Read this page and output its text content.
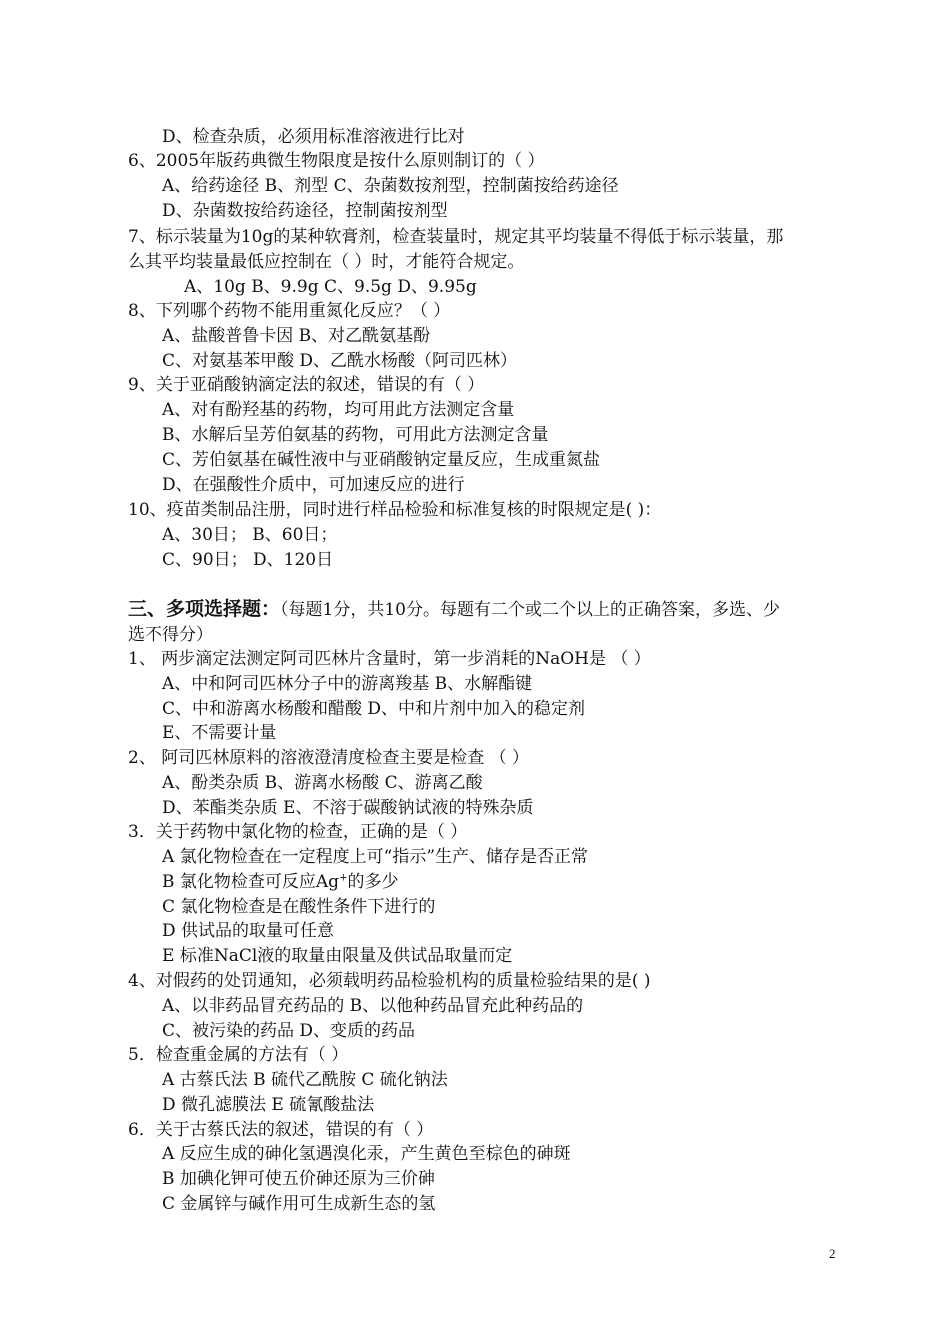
D、检查杂质，必须用标准溶液进行比对
6、2005年版药典微生物限度是按什么原则制订的（ ）
A、给药途径 B、剂型 C、杂菌数按剂型，控制菌按给药途径
D、杂菌数按给药途径，控制菌按剂型
7、标示装量为10g的某种软膏剂，检查装量时，规定其平均装量不得低于标示装量，那
么其平均装量最低应控制在（ ）时，才能符合规定。
A、10g B、9.9g C、9.5g D、9.95g
8、下列哪个药物不能用重氮化反应？（ ）
A、盐酸普鲁卡因 B、对乙酰氨基酚
C、对氨基苯甲酸 D、乙酰水杨酸（阿司匹林）
9、关于亚硝酸钠滴定法的叙述，错误的有（ ）
A、对有酚羟基的药物，均可用此方法测定含量
B、水解后呈芳伯氨基的药物，可用此方法测定含量
C、芳伯氨基在碱性液中与亚硝酸钠定量反应，生成重氮盐
D、在强酸性介质中，可加速反应的进行
10、疫苗类制品注册，同时进行样品检验和标准复核的时限规定是( )：
A、30日； B、60日；
C、90日； D、120日
选不得分）
1、 两步滴定法测定阿司匹林片含量时，第一步消耗的NaOH是 （ ）
A、中和阿司匹林分子中的游离羧基 B、水解酯键
C、中和游离水杨酸和醋酸 D、中和片剂中加入的稳定剂
E、不需要计量
2、 阿司匹林原料的溶液澄清度检查主要是检查 （ ）
A、酚类杂质 B、游离水杨酸 C、游离乙酸
D、苯酯类杂质 E、不溶于碳酸钠试液的特殊杂质
3．关于药物中氯化物的检查，正确的是（ ）
A 氯化物检查在一定程度上可“指示”生产、储存是否正常
C 氯化物检查是在酸性条件下进行的
D 供试品的取量可任意
E 标准NaCl液的取量由限量及供试品取量而定
4、对假药的处罚通知，必须载明药品检验机构的质量检验结果的是( )
A、以非药品冒充药品的 B、以他种药品冒充此种药品的
C、被污染的药品 D、变质的药品
5．检查重金属的方法有（ ）
A 古蔡氏法 B 硫代乙酰胺 C 硫化钠法
D 微孔滤膜法 E 硫氰酸盐法
6．关于古蔡氏法的叙述，错误的有（ ）
A 反应生成的砷化氢遇溴化汞，产生黄色至棕色的砷斑
B 加碘化钾可使五价砷还原为三价砷
C 金属锌与碱作用可生成新生态的氢
三、多项选择题：（每题1分，共10分。每题有二个或二个以上的正确答案，多选、少
B 氯化物检查可反应Ag+的多少
2
